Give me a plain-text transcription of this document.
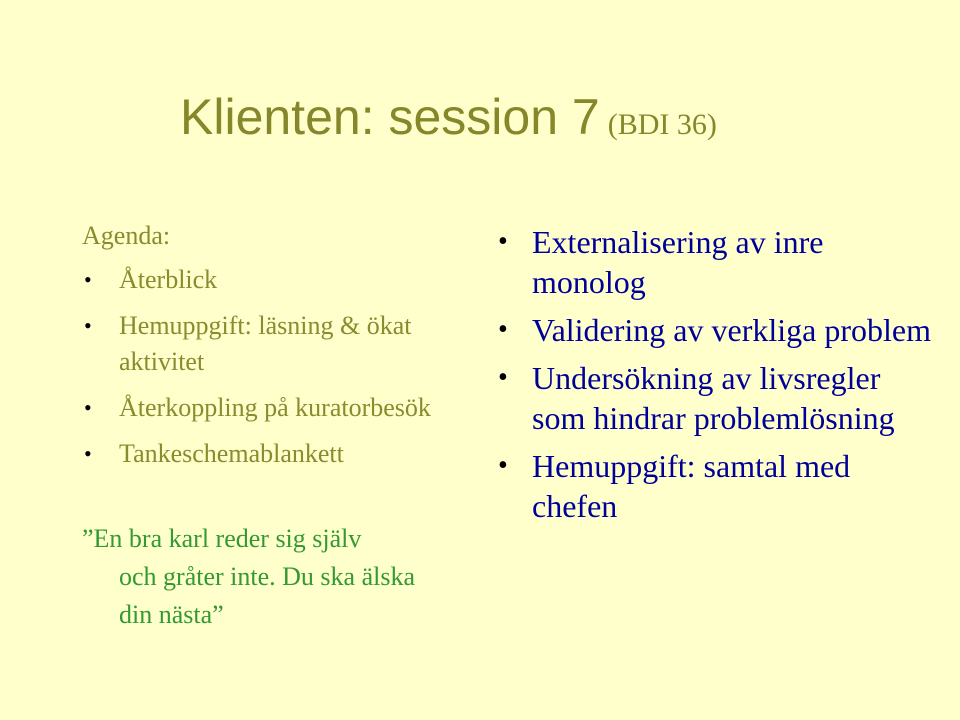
Klienten: session 7 (BDI 36)
Agenda:
• Återblick
• Hemuppgift: läsning & ökat aktivitet
• Återkoppling på kuratorbesök
• Tankeschemablankett
”En bra karl reder sig själv
och gråter inte. Du ska älska din nästa”
• Externalisering av inre monolog
• Validering av verkliga problem
• Undersökning av livsregler som hindrar problemlösning
• Hemuppgift: samtal med chefen
